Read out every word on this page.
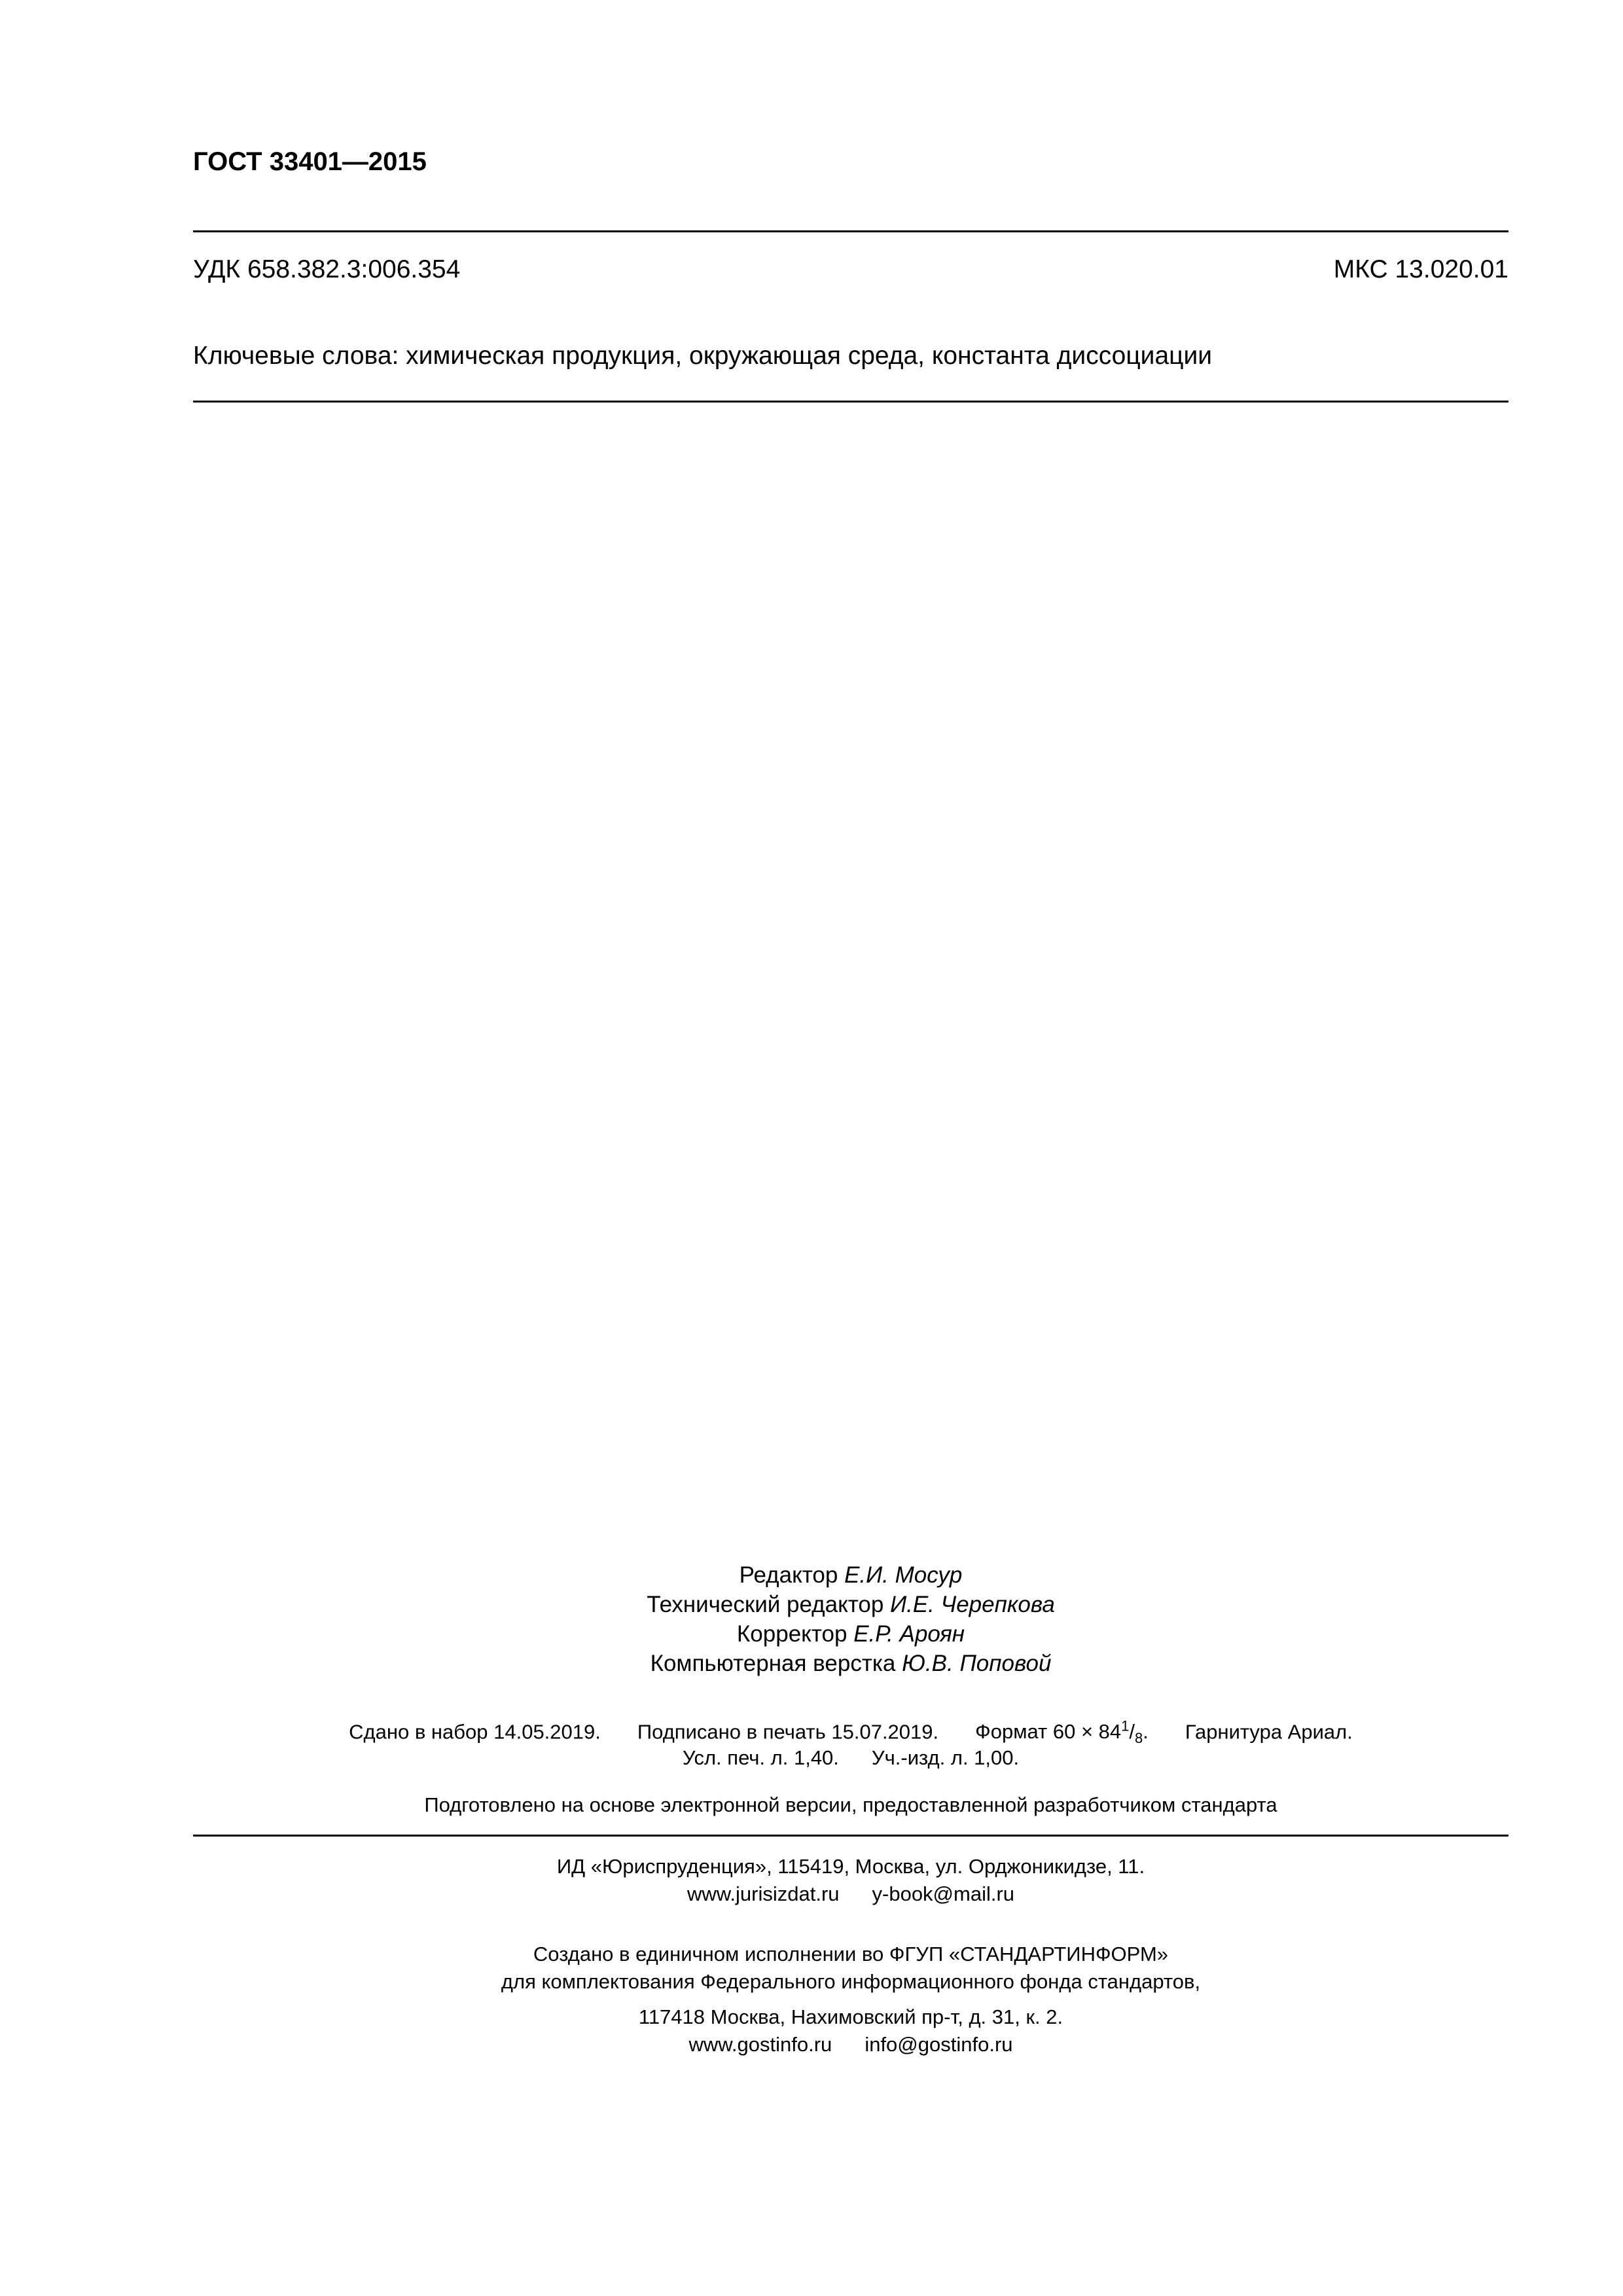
ГОСТ 33401—2015
УДК 658.382.3:006.354	МКС 13.020.01
Ключевые слова: химическая продукция, окружающая среда, константа диссоциации
Редактор Е.И. Мосур
Технический редактор И.Е. Черепкова
Корректор Е.Р. Ароян
Компьютерная верстка Ю.В. Поповой
Сдано в набор 14.05.2019. Подписано в печать 15.07.2019. Формат $60 \times 84^1/_8$. Гарнитура Ариал.
Усл. печ. л. 1,40. Уч.-изд. л. 1,00.
Подготовлено на основе электронной версии, предоставленной разработчиком стандарта
ИД «Юриспруденция», 115419, Москва, ул. Орджоникидзе, 11.
www.jurisizdat.ru y-book@mail.ru
Создано в единичном исполнении во ФГУП «СТАНДАРТИНФОРМ»
для комплектования Федерального информационного фонда стандартов,
117418 Москва, Нахимовский пр-т, д. 31, к. 2.
www.gostinfo.ru info@gostinfo.ru
